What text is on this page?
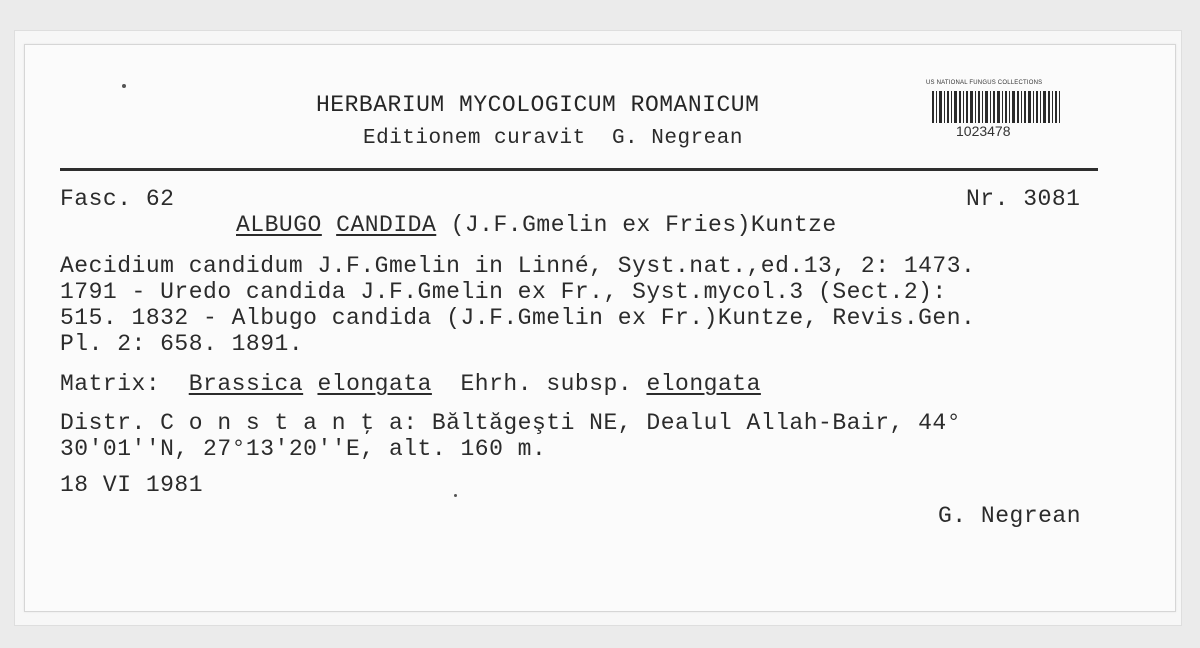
HERBARIUM MYCOLOGICUM ROMANICUM
Editionem curavit  G. Negrean
US NATIONAL FUNGUS COLLECTIONS
1023478
Fasc. 62	Nr. 3081
ALBUGO CANDIDA (J.F.Gmelin ex Fries)Kuntze
Aecidium candidum J.F.Gmelin in Linné, Syst.nat.,ed.13, 2: 1473.
1791 - Uredo candida J.F.Gmelin ex Fr., Syst.mycol.3 (Sect.2):
515. 1832 - Albugo candida (J.F.Gmelin ex Fr.)Kuntze, Revis.Gen.
Pl. 2: 658. 1891.
Matrix: Brassica elongata Ehrh. subsp. elongata
Distr. C o n s t a n ţ a: Băltăgeşti NE, Dealul Allah-Bair, 44°
30'01''N, 27°13'20''E, alt. 160 m.
18 VI 1981
G. Negrean
